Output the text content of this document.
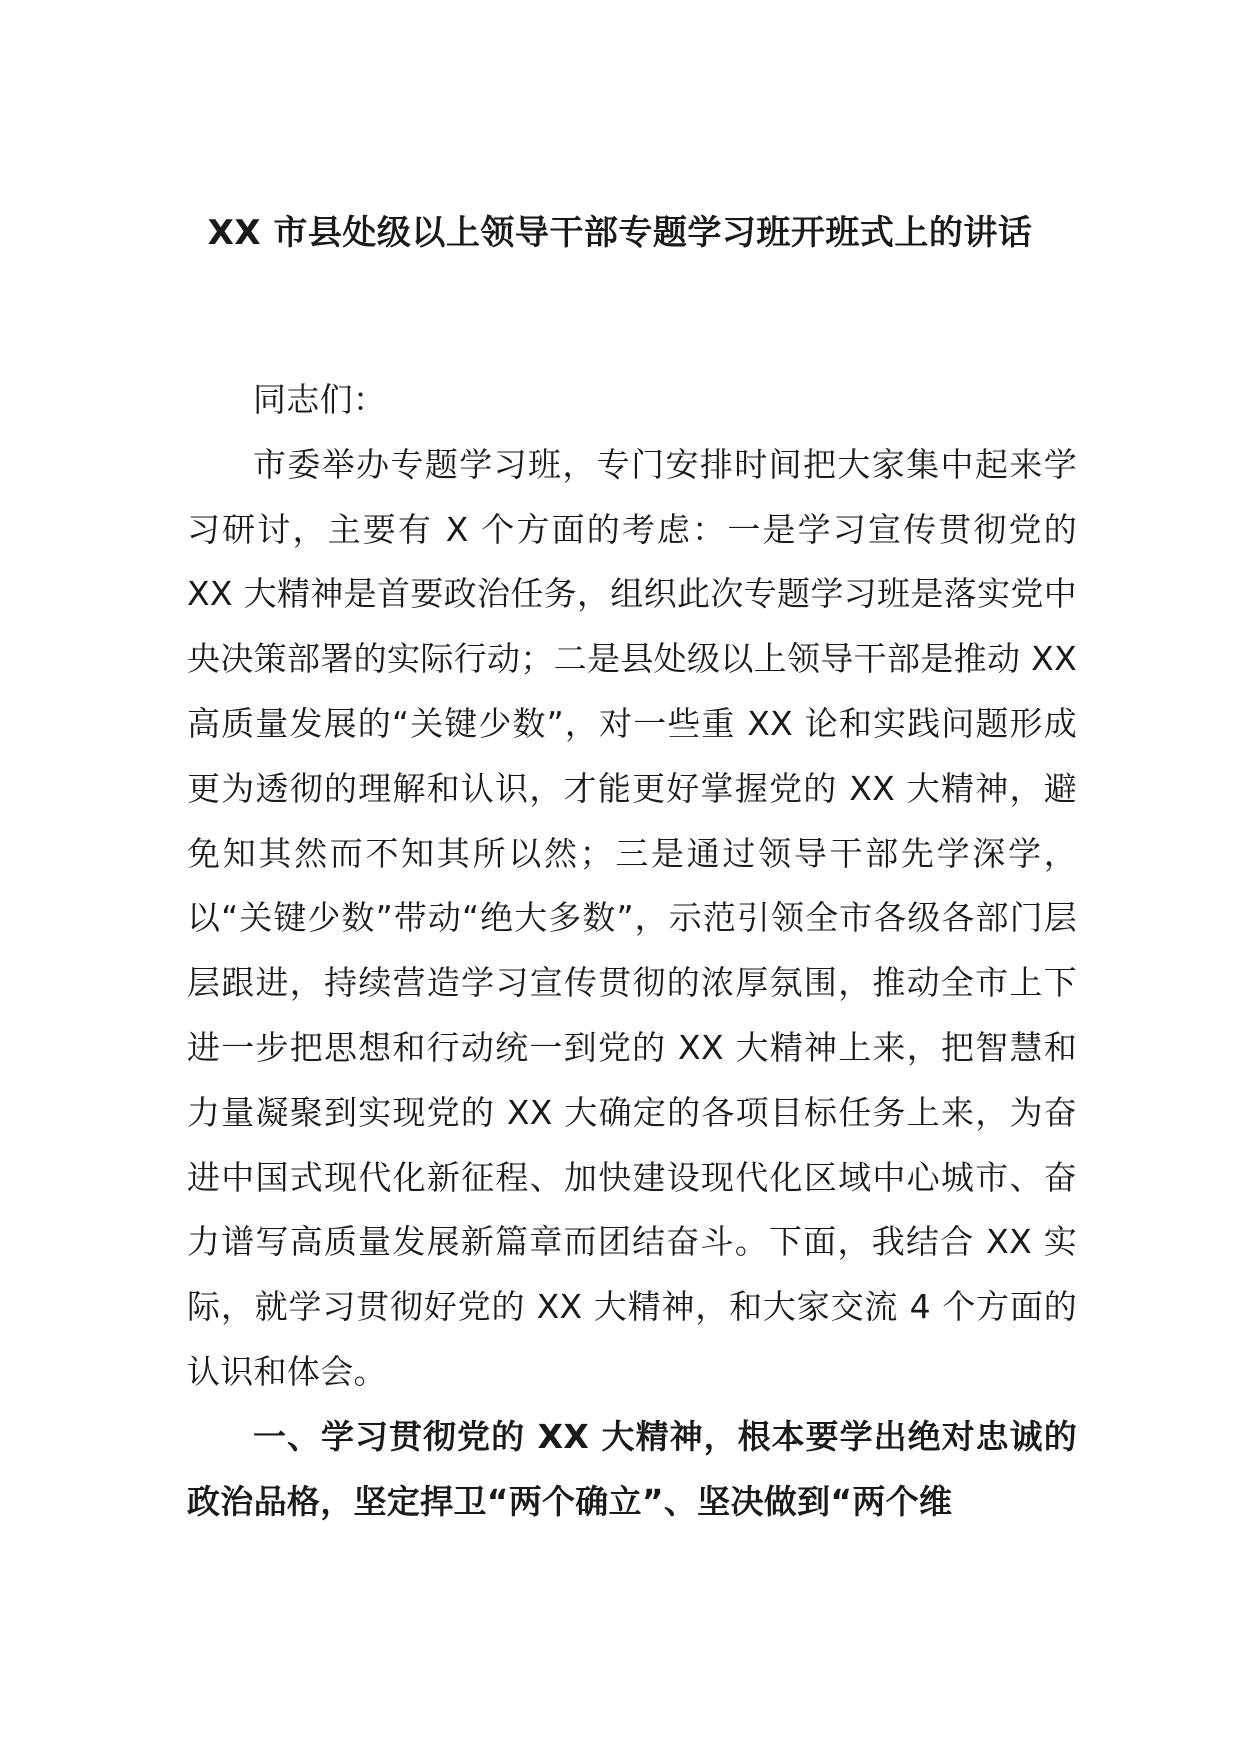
XX 市县处级以上领导干部专题学习班开班式上的讲话

同志们：

市委举办专题学习班，专门安排时间把大家集中起来学习研讨，主要有 X 个方面的考虑：一是学习宣传贯彻党的 XX 大精神是首要政治任务，组织此次专题学习班是落实党中央决策部署的实际行动；二是县处级以上领导干部是推动 XX 高质量发展的“关键少数”，对一些重 XX 论和实践问题形成更为透彻的理解和认识，才能更好掌握党的 XX 大精神，避免知其然而不知其所以然；三是通过领导干部先学深学，以“关键少数”带动“绝大多数”，示范引领全市各级各部门层层跟进，持续营造学习宣传贯彻的浓厚氛围，推动全市上下进一步把思想和行动统一到党的 XX 大精神上来，把智慧和力量凝聚到实现党的 XX 大确定的各项目标任务上来，为奋进中国式现代化新征程、加快建设现代化区域中心城市、奋力谱写高质量发展新篇章而团结奋斗。下面，我结合 XX 实际，就学习贯彻好党的 XX 大精神，和大家交流 4 个方面的认识和体会。

一、学习贯彻党的 XX 大精神，根本要学出绝对忠诚的政治品格，坚定捍卫“两个确立”、坚决做到“两个维
